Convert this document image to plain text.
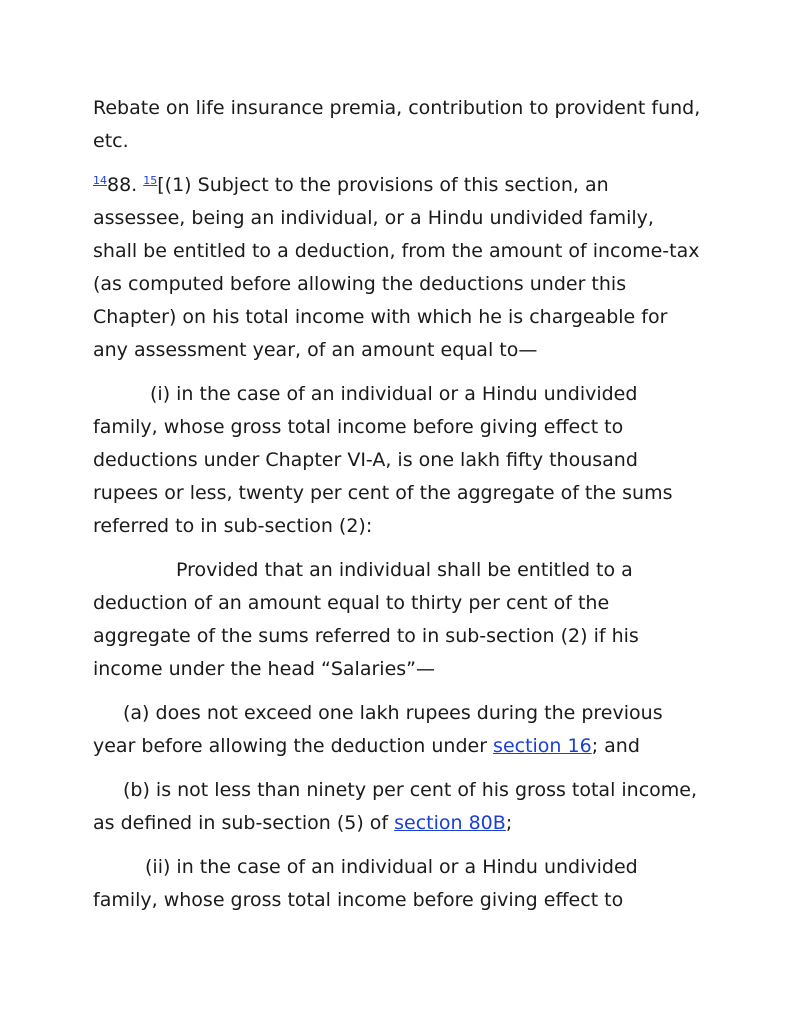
Rebate on life insurance premia, contribution to provident fund, etc.

$^{14}$88. $^{15}$[(1) Subject to the provisions of this section, an assessee, being an individual, or a Hindu undivided family, shall be entitled to a deduction, from the amount of income-tax (as computed before allowing the deductions under this Chapter) on his total income with which he is chargeable for any assessment year, of an amount equal to—

(i) in the case of an individual or a Hindu undivided family, whose gross total income before giving effect to deductions under Chapter VI-A, is one lakh fifty thousand rupees or less, twenty per cent of the aggregate of the sums referred to in sub-section (2):

Provided that an individual shall be entitled to a deduction of an amount equal to thirty per cent of the aggregate of the sums referred to in sub-section (2) if his income under the head “Salaries”—

(a) does not exceed one lakh rupees during the previous year before allowing the deduction under section 16; and

(b) is not less than ninety per cent of his gross total income, as defined in sub-section (5) of section 80B;

(ii) in the case of an individual or a Hindu undivided family, whose gross total income before giving effect to
